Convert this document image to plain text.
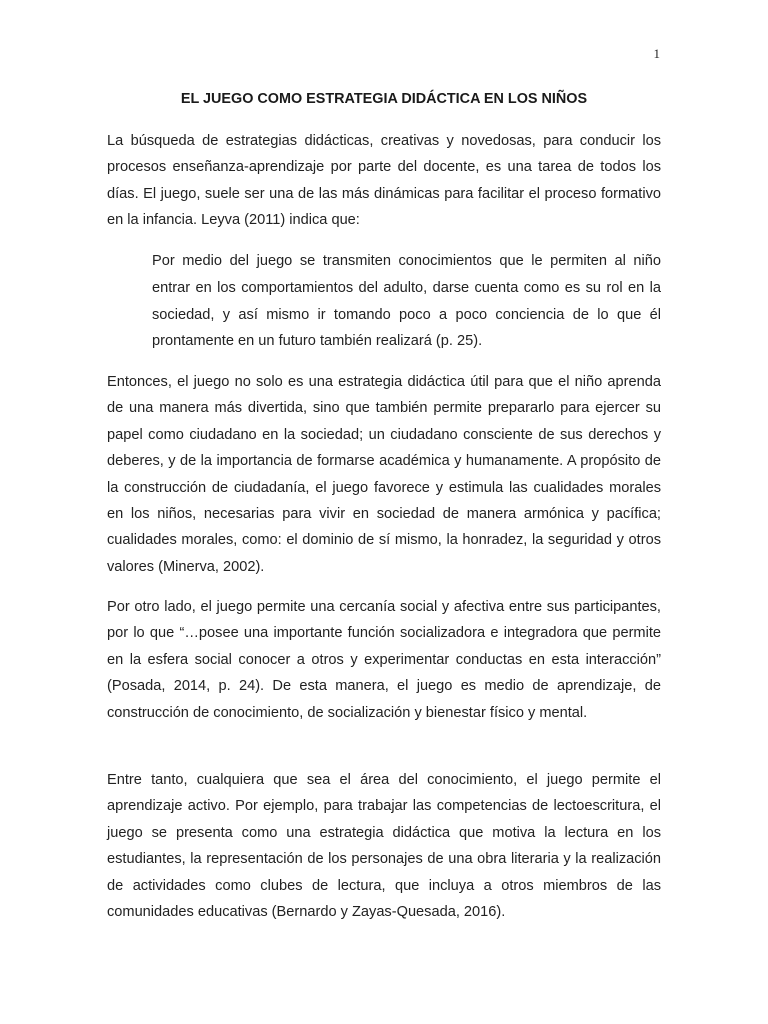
1
EL JUEGO COMO ESTRATEGIA DIDÁCTICA EN LOS NIÑOS

La búsqueda de estrategias didácticas, creativas y novedosas, para conducir los procesos enseñanza-aprendizaje por parte del docente, es una tarea de todos los días. El juego, suele ser una de las más dinámicas para facilitar el proceso formativo en la infancia. Leyva (2011) indica que:

Por medio del juego se transmiten conocimientos que le permiten al niño entrar en los comportamientos del adulto, darse cuenta como es su rol en la sociedad, y así mismo ir tomando poco a poco conciencia de lo que él prontamente en un futuro también realizará (p. 25).

Entonces, el juego no solo es una estrategia didáctica útil para que el niño aprenda de una manera más divertida, sino que también permite prepararlo para ejercer su papel como ciudadano en la sociedad; un ciudadano consciente de sus derechos y deberes, y de la importancia de formarse académica y humanamente. A propósito de la construcción de ciudadanía, el juego favorece y estimula las cualidades morales en los niños, necesarias para vivir en sociedad de manera armónica y pacífica; cualidades morales, como: el dominio de sí mismo, la honradez, la seguridad y otros valores (Minerva, 2002).

Por otro lado, el juego permite una cercanía social y afectiva entre sus participantes, por lo que “…posee una importante función socializadora e integradora que permite en la esfera social conocer a otros y experimentar conductas en esta interacción” (Posada, 2014, p. 24). De esta manera, el juego es medio de aprendizaje, de construcción de conocimiento, de socialización y bienestar físico y mental.

Entre tanto, cualquiera que sea el área del conocimiento, el juego permite el aprendizaje activo. Por ejemplo, para trabajar las competencias de lectoescritura, el juego se presenta como una estrategia didáctica que motiva la lectura en los estudiantes, la representación de los personajes de una obra literaria y la realización de actividades como clubes de lectura, que incluya a otros miembros de las comunidades educativas (Bernardo y Zayas-Quesada, 2016).
